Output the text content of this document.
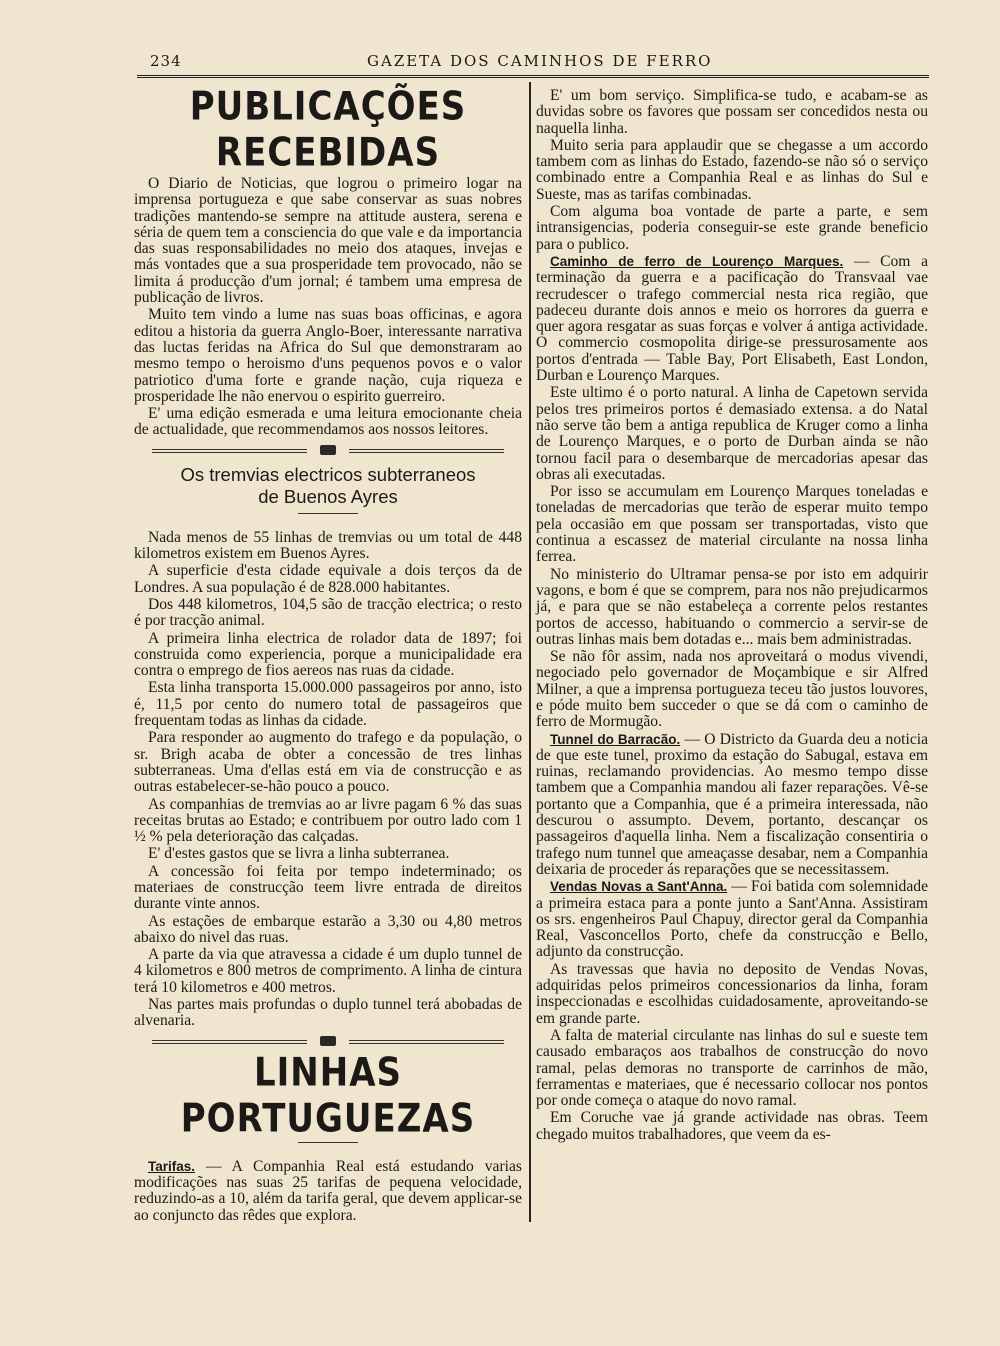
234	GAZETA DOS CAMINHOS DE FERRO
PUBLICAÇÕES RECEBIDAS

O Diario de Noticias, que logrou o primeiro logar na imprensa portugueza e que sabe conservar as suas nobres tradições mantendo-se sempre na attitude austera, serena e séria de quem tem a consciencia do que vale e da importancia das suas responsabilidades no meio dos ataques, invejas e más vontades que a sua prosperidade tem provocado, não se limita á producção d'um jornal; é tambem uma empresa de publicação de livros.

Muito tem vindo a lume nas suas boas officinas, e agora editou a historia da guerra Anglo-Boer, interessante narrativa das luctas feridas na Africa do Sul que demonstraram ao mesmo tempo o heroismo d'uns pequenos povos e o valor patriotico d'uma forte e grande nação, cuja riqueza e prosperidade lhe não enervou o espirito guerreiro.

E' uma edição esmerada e uma leitura emocionante cheia de actualidade, que recommendamos aos nossos leitores.

Os tremvias electricos subterraneos
de Buenos Ayres

Nada menos de 55 linhas de tremvias ou um total de 448 kilometros existem em Buenos Ayres.

A superficie d'esta cidade equivale a dois terços da de Londres. A sua população é de 828.000 habitantes.

Dos 448 kilometros, 104,5 são de tracção electrica; o resto é por tracção animal.

A primeira linha electrica de rolador data de 1897; foi construida como experiencia, porque a municipalidade era contra o emprego de fios aereos nas ruas da cidade.

Esta linha transporta 15.000.000 passageiros por anno, isto é, 11,5 por cento do numero total de passageiros que frequentam todas as linhas da cidade.

Para responder ao augmento do trafego e da população, o sr. Brigh acaba de obter a concessão de tres linhas subterraneas. Uma d'ellas está em via de construcção e as outras estabelecer-se-hão pouco a pouco.

As companhias de tremvias ao ar livre pagam 6 % das suas receitas brutas ao Estado; e contribuem por outro lado com 1 ½ % pela deterioração das calçadas.

E' d'estes gastos que se livra a linha subterranea.

A concessão foi feita por tempo indeterminado; os materiaes de construcção teem livre entrada de direitos durante vinte annos.

As estações de embarque estarão a 3,30 ou 4,80 metros abaixo do nivel das ruas.

A parte da via que atravessa a cidade é um duplo tunnel de 4 kilometros e 800 metros de comprimento. A linha de cintura terá 10 kilometros e 400 metros.

Nas partes mais profundas o duplo tunnel terá abobadas de alvenaria.

LINHAS PORTUGUEZAS

Tarifas. — A Companhia Real está estudando varias modificações nas suas 25 tarifas de pequena velocidade, reduzindo-as a 10, além da tarifa geral, que devem applicar-se ao conjuncto das rêdes que explora.

E' um bom serviço. Simplifica-se tudo, e acabam-se as duvidas sobre os favores que possam ser concedidos nesta ou naquella linha.

Muito seria para applaudir que se chegasse a um accordo tambem com as linhas do Estado, fazendo-se não só o serviço combinado entre a Companhia Real e as linhas do Sul e Sueste, mas as tarifas combinadas.

Com alguma boa vontade de parte a parte, e sem intransigencias, poderia conseguir-se este grande beneficio para o publico.

Caminho de ferro de Lourenço Marques. — Com a terminação da guerra e a pacificação do Transvaal vae recrudescer o trafego commercial nesta rica região, que padeceu durante dois annos e meio os horrores da guerra e quer agora resgatar as suas forças e volver á antiga actividade. O commercio cosmopolita dirige-se pressurosamente aos portos d'entrada — Table Bay, Port Elisabeth, East London, Durban e Lourenço Marques.

Este ultimo é o porto natural. A linha de Capetown servida pelos tres primeiros portos é demasiado extensa. a do Natal não serve tão bem a antiga republica de Kruger como a linha de Lourenço Marques, e o porto de Durban ainda se não tornou facil para o desembarque de mercadorias apesar das obras ali executadas.

Por isso se accumulam em Lourenço Marques toneladas e toneladas de mercadorias que terão de esperar muito tempo pela occasião em que possam ser transportadas, visto que continua a escassez de material circulante na nossa linha ferrea.

No ministerio do Ultramar pensa-se por isto em adquirir vagons, e bom é que se comprem, para nos não prejudicarmos já, e para que se não estabeleça a corrente pelos restantes portos de accesso, habituando o commercio a servir-se de outras linhas mais bem dotadas e... mais bem administradas.

Se não fôr assim, nada nos aproveitará o modus vivendi, negociado pelo governador de Moçambique e sir Alfred Milner, a que a imprensa portugueza teceu tão justos louvores, e póde muito bem succeder o que se dá com o caminho de ferro de Mormugão.

Tunnel do Barracão. — O Districto da Guarda deu a noticia de que este tunel, proximo da estação do Sabugal, estava em ruinas, reclamando providencias. Ao mesmo tempo disse tambem que a Companhia mandou ali fazer reparações. Vê-se portanto que a Companhia, que é a primeira interessada, não descurou o assumpto. Devem, portanto, descançar os passageiros d'aquella linha. Nem a fiscalização consentiria o trafego num tunnel que ameaçasse desabar, nem a Companhia deixaria de proceder ás reparações que se necessitassem.

Vendas Novas a Sant'Anna. — Foi batida com solemnidade a primeira estaca para a ponte junto a Sant'Anna. Assistiram os srs. engenheiros Paul Chapuy, director geral da Companhia Real, Vasconcellos Porto, chefe da construcção e Bello, adjunto da construcção.

As travessas que havia no deposito de Vendas Novas, adquiridas pelos primeiros concessionarios da linha, foram inspeccionadas e escolhidas cuidadosamente, aproveitando-se em grande parte.

A falta de material circulante nas linhas do sul e sueste tem causado embaraços aos trabalhos de construcção do novo ramal, pelas demoras no transporte de carrinhos de mão, ferramentas e materiaes, que é necessario collocar nos pontos por onde começa o ataque do novo ramal.

Em Coruche vae já grande actividade nas obras. Teem chegado muitos trabalhadores, que veem da es-
